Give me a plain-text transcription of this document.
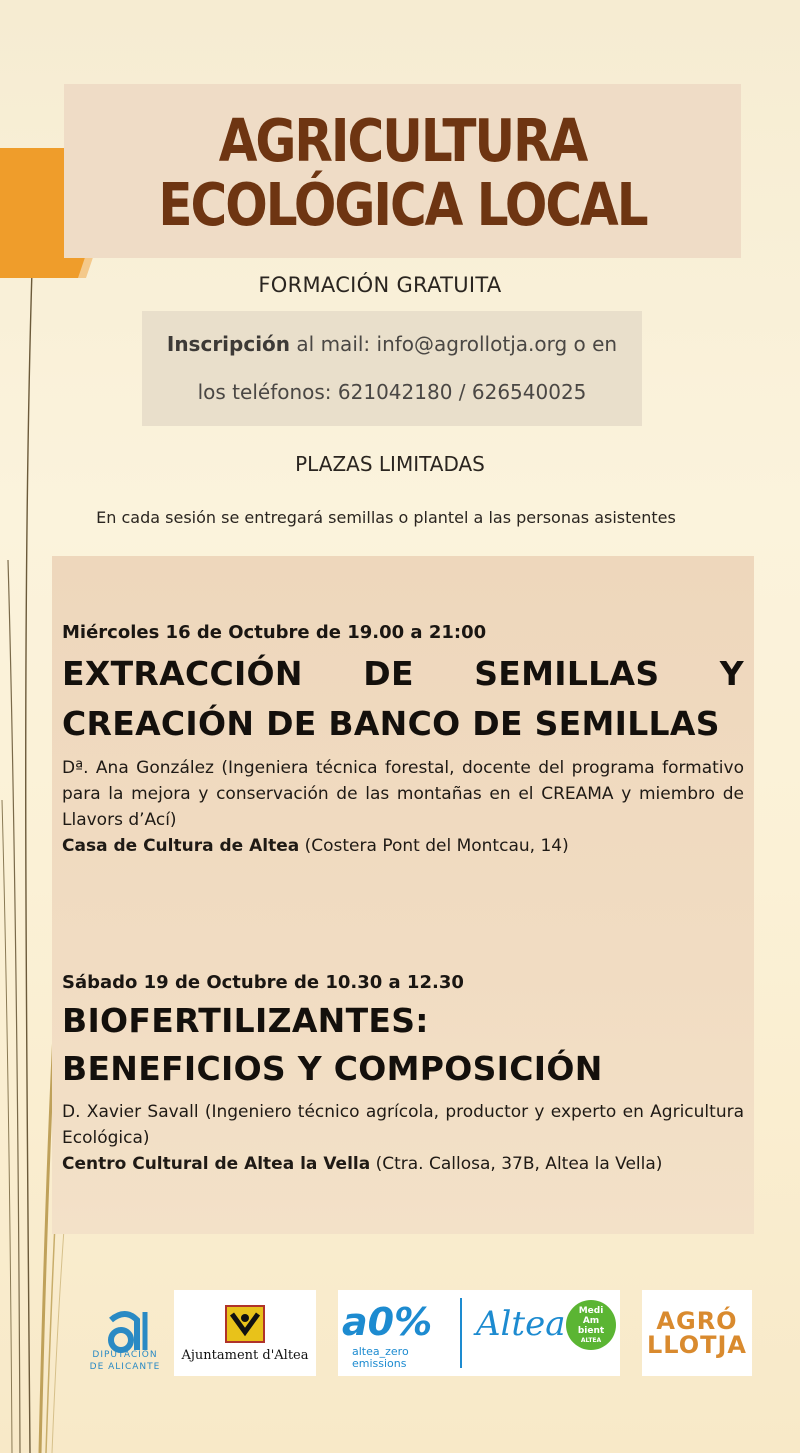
AGRICULTURA
ECOLÓGICA LOCAL
FORMACIÓN GRATUITA
Inscripción al mail: info@agrollotja.org o en
los teléfonos: 621042180 / 626540025
PLAZAS LIMITADAS
En cada sesión se entregará semillas o plantel a las personas asistentes
Miércoles 16 de Octubre de 19.00 a 21:00
EXTRACCIÓN DE SEMILLAS Y CREACIÓN DE BANCO DE SEMILLAS
Dª. Ana González (Ingeniera técnica forestal, docente del programa formativo para la mejora y conservación de las montañas en el CREAMA y miembro de Llavors d’Ací)
Casa de Cultura de Altea (Costera Pont del Montcau, 14)
Sábado 19 de Octubre de 10.30 a 12.30
BIOFERTILIZANTES:
BENEFICIOS Y COMPOSICIÓN
D. Xavier Savall (Ingeniero técnico agrícola, productor y experto en Agricultura Ecológica)
Centro Cultural de Altea la Vella (Ctra. Callosa, 37B, Altea la Vella)
DIPUTACIÓN
DE ALICANTE
Ajuntament d'Altea
a0%
altea_zero
emissions
Altea	Medi
Am
bient
ALTEA
AGRÓ
LLOTJA
